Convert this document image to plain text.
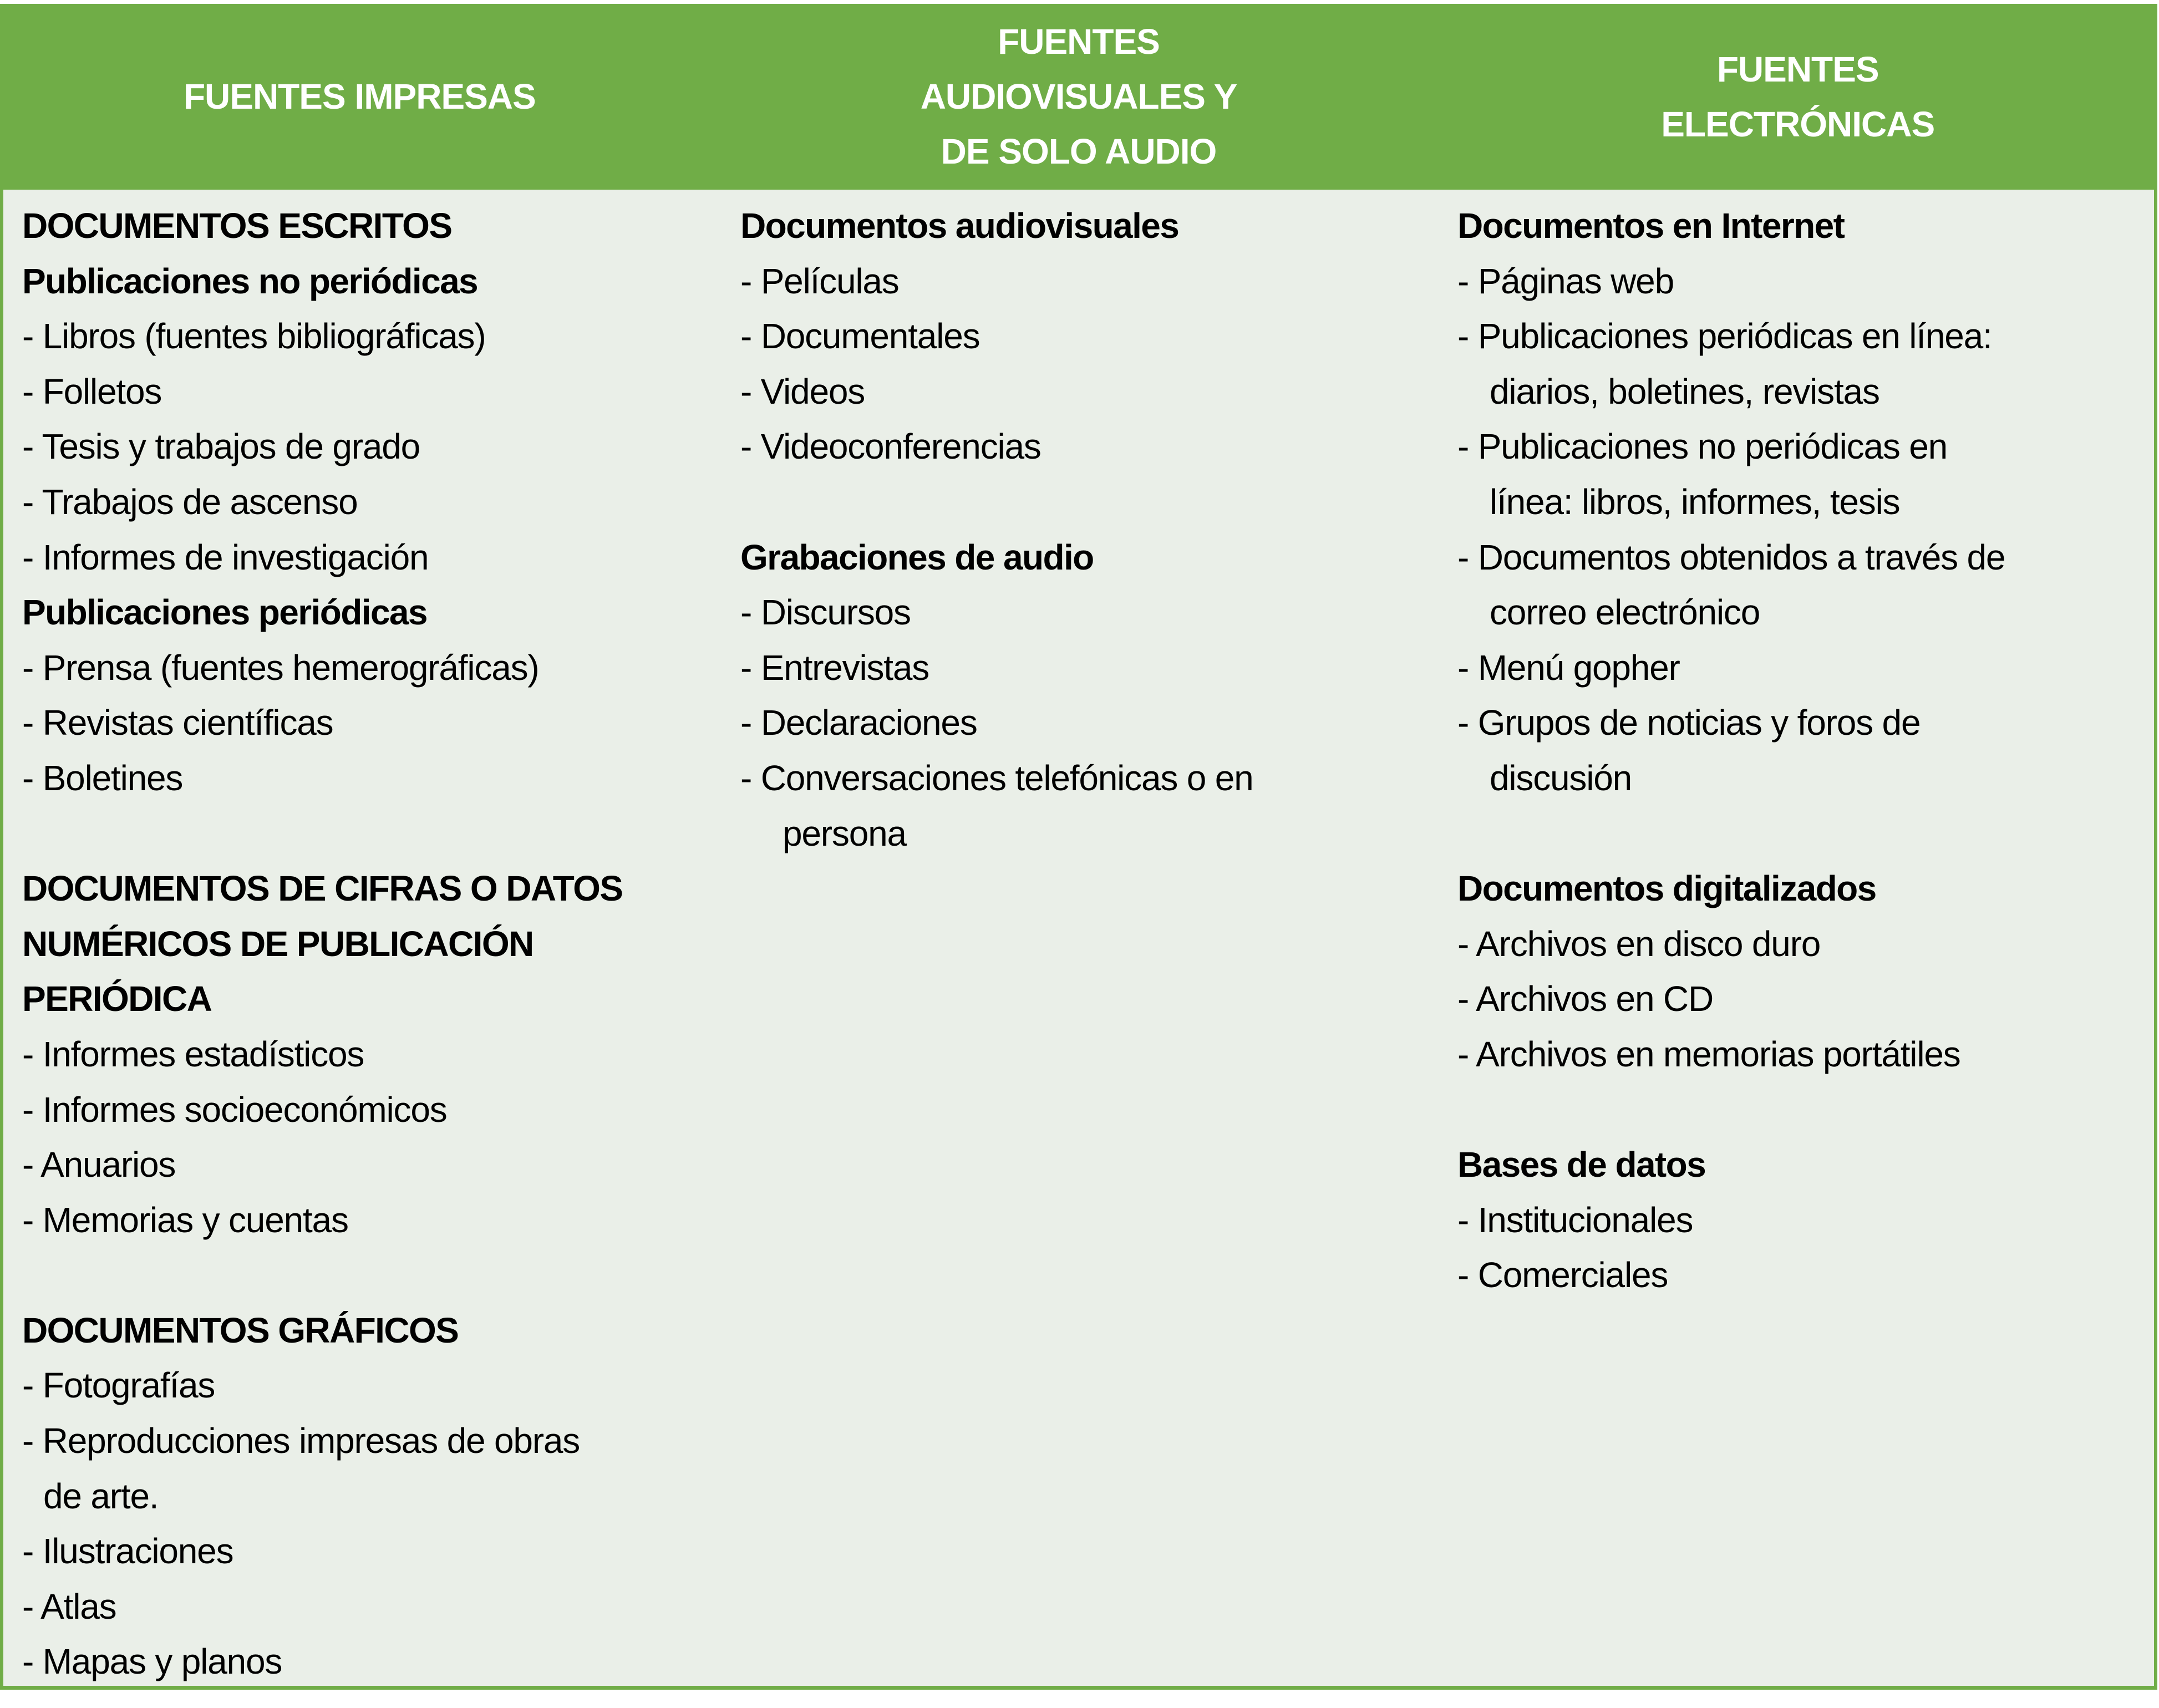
FUENTES IMPRESAS
FUENTES
AUDIOVISUALES Y
DE SOLO AUDIO
FUENTES
ELECTRÓNICAS
DOCUMENTOS ESCRITOS
Publicaciones no periódicas
- Libros (fuentes bibliográficas)
- Folletos
- Tesis y trabajos de grado
- Trabajos de ascenso
- Informes de investigación
Publicaciones periódicas
- Prensa (fuentes hemerográficas)
- Revistas científicas
- Boletines
DOCUMENTOS DE CIFRAS O DATOS
NUMÉRICOS DE PUBLICACIÓN
PERIÓDICA
- Informes estadísticos
- Informes socioeconómicos
- Anuarios
- Memorias y cuentas
DOCUMENTOS GRÁFICOS
- Fotografías
- Reproducciones impresas de obras
de arte.
- Ilustraciones
- Atlas
- Mapas y planos
Documentos audiovisuales
- Películas
- Documentales
- Videos
- Videoconferencias
Grabaciones de audio
- Discursos
- Entrevistas
- Declaraciones
- Conversaciones telefónicas o en
persona
Documentos en Internet
- Páginas web
- Publicaciones periódicas en línea:
diarios, boletines, revistas
- Publicaciones no periódicas en
línea: libros, informes, tesis
- Documentos obtenidos a través de
correo electrónico
- Menú gopher
- Grupos de noticias y foros de
discusión
Documentos digitalizados
- Archivos en disco duro
- Archivos en CD
- Archivos en memorias portátiles
Bases de datos
- Institucionales
- Comerciales
